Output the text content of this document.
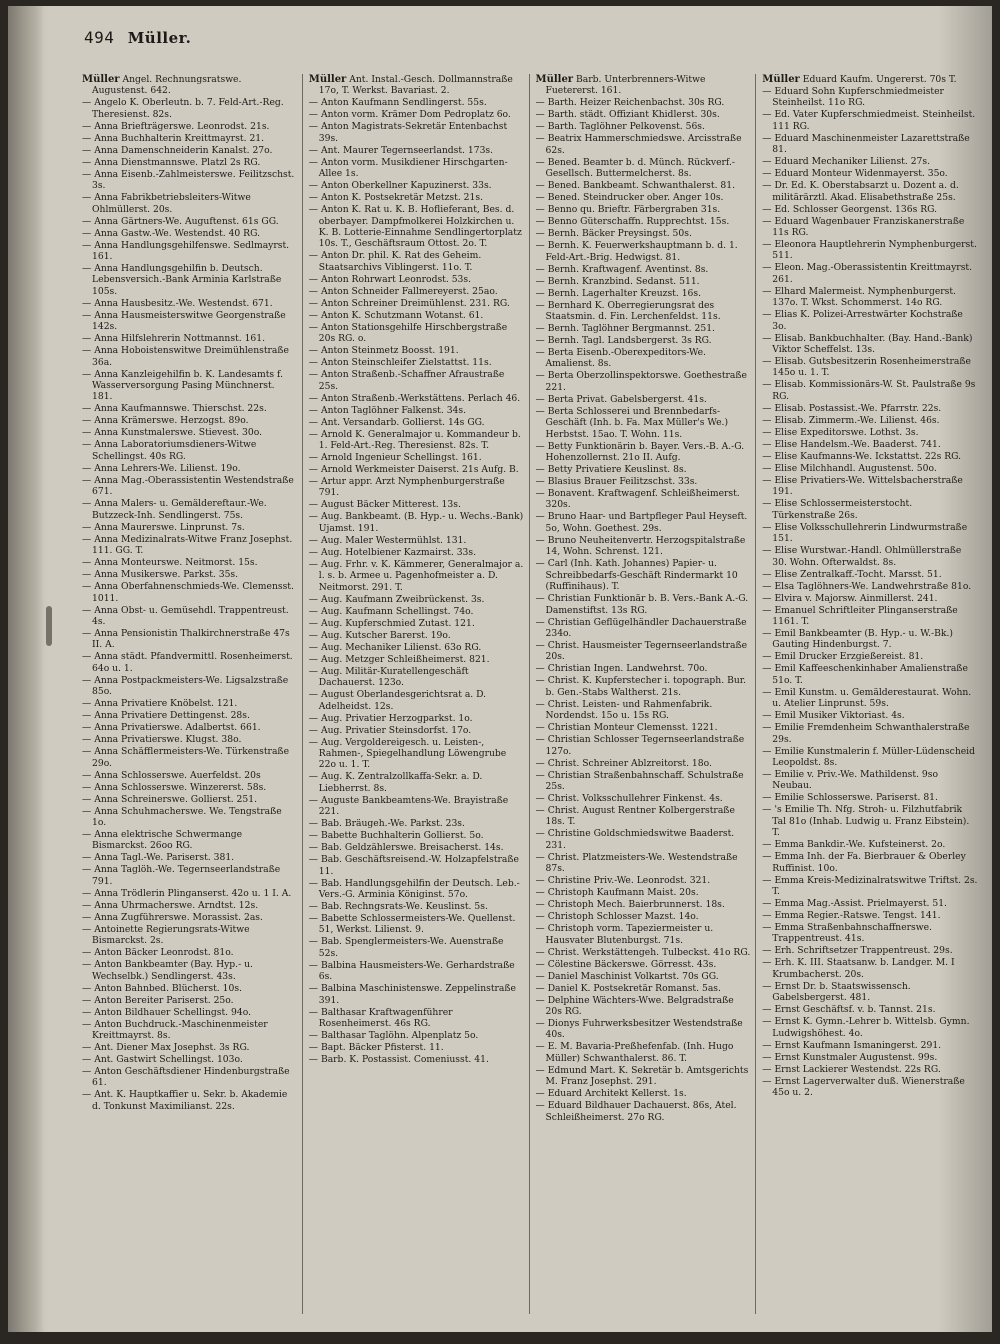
494 Müller.
Müller Angel. Rechnungsratswe. Augustenst. 642.
— Angelo K. Oberleutn. b. 7. Feld-Art.-Reg. Theresienst. 82s.
— Anna Briefträgerswe. Leonrodst. 21s.
— Anna Buchhalterin Kreittmayrst. 21.
— Anna Damenschneiderin Kanalst. 27o.
— Anna Dienstmannswe. Platzl 2s RG.
— Anna Eisenb.-Zahlmeisterswe. Feilitzschst. 3s.
— Anna Fabrikbetriebsleiters-Witwe Ohlmüllerst. 20s.
— Anna Gärtners-We. Auguftenst. 61s GG.
— Anna Gastw.-We. Westendst. 40 RG.
— Anna Handlungsgehilfenswe. Sedlmayrst. 161.
— Anna Handlungsgehilfin b. Deutsch. Lebensversich.-Bank Arminia Karlstraße 105s.
— Anna Hausbesitz.-We. Westendst. 671.
— Anna Hausmeisterswitwe Georgenstraße 142s.
— Anna Hilfslehrerin Nottmannst. 161.
— Anna Hoboistenswitwe Dreimühlenstraße 36a.
— Anna Kanzleigehilfin b. K. Landesamts f. Wasserversorgung Pasing Münchnerst. 181.
— Anna Kaufmannswe. Thierschst. 22s.
— Anna Krämerswe. Herzogst. 89o.
— Anna Kunstmalerswe. Stievest. 30o.
— Anna Laboratoriumsdieners-Witwe Schellingst. 40s RG.
— Anna Lehrers-We. Lilienst. 19o.
— Anna Mag.-Oberassistentin Westendstraße 671.
— Anna Malers- u. Gemäldereftaur.-We. Butzzeck-Inh. Sendlingerst. 75s.
— Anna Maurerswe. Linprunst. 7s.
— Anna Medizinalrats-Witwe Franz Josephst. 111. GG. T.
— Anna Monteurswe. Neitmorst. 15s.
— Anna Musikerswe. Parkst. 35s.
— Anna Oberfahnenschmieds-We. Clemensst. 1011.
— Anna Obst- u. Gemüsehdl. Trappentreust. 4s.
— Anna Pensionistin Thalkirchnerstraße 47s II. A.
— Anna städt. Pfandvermittl. Rosenheimerst. 64o u. 1.
— Anna Postpackmeisters-We. Ligsalzstraße 85o.
— Anna Privatiere Knöbelst. 121.
— Anna Privatiere Dettingenst. 28s.
— Anna Privatierswe. Adalbertst. 661.
— Anna Privatierswe. Klugst. 38o.
— Anna Schäfflermeisters-We. Türkenstraße 29o.
— Anna Schlosserswe. Auerfeldst. 20s
— Anna Schlosserswe. Winzererst. 58s.
— Anna Schreinerswe. Gollierst. 251.
— Anna Schuhmacherswe. We. Tengstraße 1o.
— Anna elektrische Schwermange Bismarckst. 26oo RG.
— Anna Tagl.-We. Pariserst. 381.
— Anna Taglöh.-We. Tegernseerlandstraße 791.
— Anna Trödlerin Plinganserst. 42o u. 1 I. A.
— Anna Uhrmacherswe. Arndtst. 12s.
— Anna Zugführerswe. Morassist. 2as.
— Antoinette Regierungsrats-Witwe Bismarckst. 2s.
— Anton Bäcker Leonrodst. 81o.
— Anton Bankbeamter (Bay. Hyp.- u. Wechselbk.) Sendlingerst. 43s.
— Anton Bahnbed. Blücherst. 10s.
— Anton Bereiter Pariserst. 25o.
— Anton Bildhauer Schellingst. 94o.
— Anton Buchdruck.-Maschinenmeister Kreittmayrst. 8s.
— Ant. Diener Max Josephst. 3s RG.
— Ant. Gastwirt Schellingst. 103o.
— Anton Geschäftsdiener Hindenburgstraße 61.
— Ant. K. Hauptkaffier u. Sekr. b. Akademie d. Tonkunst Maximilianst. 22s.
Müller Ant. Instal.-Gesch. Dollmannstraße 17o, T. Werkst. Bavariast. 2.
— Anton Kaufmann Sendlingerst. 55s.
— Anton vorm. Krämer Dom Pedroplatz 6o.
— Anton Magistrats-Sekretär Entenbachst 39s.
— Ant. Maurer Tegernseerlandst. 173s.
— Anton vorm. Musikdiener Hirschgarten-Allee 1s.
— Anton Oberkellner Kapuzinerst. 33s.
— Anton K. Postsekretär Metzst. 21s.
— Anton K. Rat u. K. B. Hoflieferant, Bes. d. oberbayer. Dampfmolkerei Holzkirchen u. K. B. Lotterie-Einnahme Sendlingertorplatz 10s. T., Geschäftsraum Ottost. 2o. T.
— Anton Dr. phil. K. Rat des Geheim. Staatsarchivs Viblingerst. 11o. T.
— Anton Rohrwart Leonrodst. 53s.
— Anton Schneider Fallmereyerst. 25ao.
— Anton Schreiner Dreimühlenst. 231. RG.
— Anton K. Schutzmann Wotanst. 61.
— Anton Stationsgehilfe Hirschbergstraße 20s RG. o.
— Anton Steinmetz Boosst. 191.
— Anton Steinschleifer Zielstattst. 11s.
— Anton Straßenb.-Schaffner Afraustraße 25s.
— Anton Straßenb.-Werkstättens. Perlach 46.
— Anton Taglöhner Falkenst. 34s.
— Ant. Versandarb. Gollierst. 14s GG.
— Arnold K. Generalmajor u. Kommandeur b. 1. Feld-Art.-Reg. Theresienst. 82s. T.
— Arnold Ingenieur Schellingst. 161.
— Arnold Werkmeister Daiserst. 21s Aufg. B.
— Artur appr. Arzt Nymphenburgerstraße 791.
— August Bäcker Mitterest. 13s.
— Aug. Bankbeamt. (B. Hyp.- u. Wechs.-Bank) Ujamst. 191.
— Aug. Maler Westermühlst. 131.
— Aug. Hotelbiener Kazmairst. 33s.
— Aug. Frhr. v. K. Kämmerer, Generalmajor a. l. s. b. Armee u. Pagenhofmeister a. D. Neitmorst. 291. T.
— Aug. Kaufmann Zweibrückenst. 3s.
— Aug. Kaufmann Schellingst. 74o.
— Aug. Kupferschmied Zutast. 121.
— Aug. Kutscher Barerst. 19o.
— Aug. Mechaniker Lilienst. 63o RG.
— Aug. Metzger Schleißheimerst. 821.
— Aug. Militär-Kuratellengeschäft Dachauerst. 123o.
— August Oberlandesgerichtsrat a. D. Adelheidst. 12s.
— Aug. Privatier Herzogparkst. 1o.
— Aug. Privatier Steinsdorfst. 17o.
— Aug. Vergoldereigesch. u. Leisten-, Rahmen-, Spiegelhandlung Löwengrube 22o u. 1. T.
— Aug. K. Zentralzollkaffa-Sekr. a. D. Liebherrst. 8s.
— Auguste Bankbeamtens-We. Brayistraße 221.
— Bab. Bräugeh.-We. Parkst. 23s.
— Babette Buchhalterin Gollierst. 5o.
— Bab. Geldzählerswe. Breisacherst. 14s.
— Bab. Geschäftsreisend.-W. Holzapfelstraße 11.
— Bab. Handlungsgehilfin der Deutsch. Leb.-Vers.-G. Arminia Königinst. 57o.
— Bab. Rechngsrats-We. Keuslinst. 5s.
— Babette Schlossermeisters-We. Quellenst. 51, Werkst. Lilienst. 9.
— Bab. Spenglermeisters-We. Auenstraße 52s.
— Balbina Hausmeisters-We. Gerhardstraße 6s.
— Balbina Maschinistenswe. Zeppelinstraße 391.
— Balthasar Kraftwagenführer Rosenheimerst. 46s RG.
— Balthasar Taglöhn. Alpenplatz 5o.
— Bapt. Bäcker Pfisterst. 11.
— Barb. K. Postassist. Comeniusst. 41.
Müller Barb. Unterbrenners-Witwe Fuetererst. 161.
— Barth. Heizer Reichenbachst. 30s RG.
— Barth. städt. Offiziant Khidlerst. 30s.
— Barth. Taglöhner Pelkovenst. 56s.
— Beatrix Hammerschmiedswe. Arcisstraße 62s.
— Bened. Beamter b. d. Münch. Rückverf.-Gesellsch. Buttermelcherst. 8s.
— Bened. Bankbeamt. Schwanthalerst. 81.
— Bened. Steindrucker ober. Anger 10s.
— Benno qu. Brieftr. Färbergraben 31s.
— Benno Güterschaffn. Rupprechtst. 15s.
— Bernh. Bäcker Preysingst. 50s.
— Bernh. K. Feuerwerkshauptmann b. d. 1. Feld-Art.-Brig. Hedwigst. 81.
— Bernh. Kraftwagenf. Aventinst. 8s.
— Bernh. Kranzbind. Sedanst. 511.
— Bernh. Lagerhalter Kreuzst. 16s.
— Bernhard K. Oberregierungsrat des Staatsmin. d. Fin. Lerchenfeldst. 11s.
— Bernh. Taglöhner Bergmannst. 251.
— Bernh. Tagl. Landsbergerst. 3s RG.
— Berta Eisenb.-Oberexpeditors-We. Amalienst. 8s.
— Berta Oberzollinspektorswe. Goethestraße 221.
— Berta Privat. Gabelsbergerst. 41s.
— Berta Schlosserei und Brennbedarfs-Geschäft (Inh. b. Fa. Max Müller's We.) Herbstst. 15ao. T. Wohn. 11s.
— Betty Funktionärin b. Bayer. Vers.-B. A.-G. Hohenzollernst. 21o II. Aufg.
— Betty Privatiere Keuslinst. 8s.
— Blasius Brauer Feilitzschst. 33s.
— Bonavent. Kraftwagenf. Schleißheimerst. 320s.
— Bruno Haar- und Bartpfleger Paul Heyseft. 5o, Wohn. Goethest. 29s.
— Bruno Neuheitenvertr. Herzogspitalstraße 14, Wohn. Schrenst. 121.
— Carl (Inh. Kath. Johannes) Papier- u. Schreibbedarfs-Geschäft Rindermarkt 10 (Ruffinihaus). T.
— Christian Funktionär b. B. Vers.-Bank A.-G. Damenstiftst. 13s RG.
— Christian Geflügelhändler Dachauerstraße 234o.
— Christ. Hausmeister Tegernseerlandstraße 20s.
— Christian Ingen. Landwehrst. 70o.
— Christ. K. Kupferstecher i. topograph. Bur. b. Gen.-Stabs Waltherst. 21s.
— Christ. Leisten- und Rahmenfabrik. Nordendst. 15o u. 15s RG.
— Christian Monteur Clemensst. 1221.
— Christian Schlosser Tegernseerlandstraße 127o.
— Christ. Schreiner Ablzreitorst. 18o.
— Christian Straßenbahnschaff. Schulstraße 25s.
— Christ. Volksschullehrer Finkenst. 4s.
— Christ. August Rentner Kolbergerstraße 18s. T.
— Christine Goldschmiedswitwe Baaderst. 231.
— Christ. Platzmeisters-We. Westendstraße 87s.
— Christine Priv.-We. Leonrodst. 321.
— Christoph Kaufmann Maist. 20s.
— Christoph Mech. Baierbrunnerst. 18s.
— Christoph Schlosser Mazst. 14o.
— Christoph vorm. Tapeziermeister u. Hausvater Blutenburgst. 71s.
— Christ. Werkstättengeh. Tulbeckst. 41o RG.
— Cölestine Bäckerswe. Görresst. 43s.
— Daniel Maschinist Volkartst. 70s GG.
— Daniel K. Postsekretär Romanst. 5as.
— Delphine Wächters-Wwe. Belgradstraße 20s RG.
— Dionys Fuhrwerksbesitzer Westendstraße 40s.
— E. M. Bavaria-Preßhefenfab. (Inh. Hugo Müller) Schwanthalerst. 86. T.
— Edmund Mart. K. Sekretär b. Amtsgerichts M. Franz Josephst. 291.
— Eduard Architekt Kellerst. 1s.
— Eduard Bildhauer Dachauerst. 86s, Atel. Schleißheimerst. 27o RG.
Müller Eduard Kaufm. Ungererst. 70s T.
— Eduard Sohn Kupferschmiedmeister Steinheilst. 11o RG.
— Ed. Vater Kupferschmiedmeist. Steinheilst. 111 RG.
— Eduard Maschinenmeister Lazarettstraße 81.
— Eduard Mechaniker Lilienst. 27s.
— Eduard Monteur Widenmayerst. 35o.
— Dr. Ed. K. Oberstabsarzt u. Dozent a. d. militärärztl. Akad. Elisabethstraße 25s.
— Ed. Schlosser Georgenst. 136s RG.
— Eduard Wagenbauer Franziskanerstraße 11s RG.
— Eleonora Hauptlehrerin Nymphenburgerst. 511.
— Eleon. Mag.-Oberassistentin Kreittmayrst. 261.
— Elhard Malermeist. Nymphenburgerst. 137o. T. Wkst. Schommerst. 14o RG.
— Elias K. Polizei-Arrestwärter Kochstraße 3o.
— Elisab. Bankbuchhalter. (Bay. Hand.-Bank) Viktor Scheffelst. 13s.
— Elisab. Gutsbesitzerin Rosenheimerstraße 145o u. 1. T.
— Elisab. Kommissionärs-W. St. Paulstraße 9s RG.
— Elisab. Postassist.-We. Pfarrstr. 22s.
— Elisab. Zimmerm.-We. Lilienst. 46s.
— Elise Expeditorswe. Lothst. 3s.
— Elise Handelsm.-We. Baaderst. 741.
— Elise Kaufmanns-We. Ickstattst. 22s RG.
— Elise Milchhandl. Augustenst. 50o.
— Elise Privatiers-We. Wittelsbacherstraße 191.
— Elise Schlossermeisterstocht. Türkenstraße 26s.
— Elise Volksschullehrerin Lindwurmstraße 151.
— Elise Wurstwar.-Handl. Ohlmüllerstraße 30. Wohn. Ofterwaldst. 8s.
— Elise Zentralkaff.-Tocht. Marsst. 51.
— Elsa Taglöhners-We. Landwehrstraße 81o.
— Elvira v. Majorsw. Ainmillerst. 241.
— Emanuel Schriftleiter Plinganserstraße 1161. T.
— Emil Bankbeamter (B. Hyp.- u. W.-Bk.) Gauting Hindenburgst. 7.
— Emil Drucker Erzgießereist. 81.
— Emil Kaffeeschenkinhaber Amalienstraße 51o. T.
— Emil Kunstm. u. Gemälderestaurat. Wohn. u. Atelier Linprunst. 59s.
— Emil Musiker Viktoriast. 4s.
— Emilie Fremdenheim Schwanthalerstraße 29s.
— Emilie Kunstmalerin f. Müller-Lüdenscheid Leopoldst. 8s.
— Emilie v. Priv.-We. Mathildenst. 9so Neubau.
— Emilie Schlosserswe. Pariserst. 81.
— 's Emilie Th. Nfg. Stroh- u. Filzhutfabrik Tal 81o (Inhab. Ludwig u. Franz Eibstein). T.
— Emma Bankdir.-We. Kufsteinerst. 2o.
— Emma Inh. der Fa. Bierbrauer & Oberley Ruffinist. 10o.
— Emma Kreis-Medizinalratswitwe Triftst. 2s. T.
— Emma Mag.-Assist. Prielmayerst. 51.
— Emma Regier.-Ratswe. Tengst. 141.
— Emma Straßenbahnschaffnerswe. Trappentreust. 41s.
— Erh. Schriftsetzer Trappentreust. 29s.
— Erh. K. III. Staatsanw. b. Landger. M. I Krumbacherst. 20s.
— Ernst Dr. b. Staatswissensch. Gabelsbergerst. 481.
— Ernst Geschäftsf. v. b. Tannst. 21s.
— Ernst K. Gymn.-Lehrer b. Wittelsb. Gymn. Ludwigshöhest. 4o.
— Ernst Kaufmann Ismaningerst. 291.
— Ernst Kunstmaler Augustenst. 99s.
— Ernst Lackierer Westendst. 22s RG.
— Ernst Lagerverwalter duß. Wienerstraße 45o u. 2.
